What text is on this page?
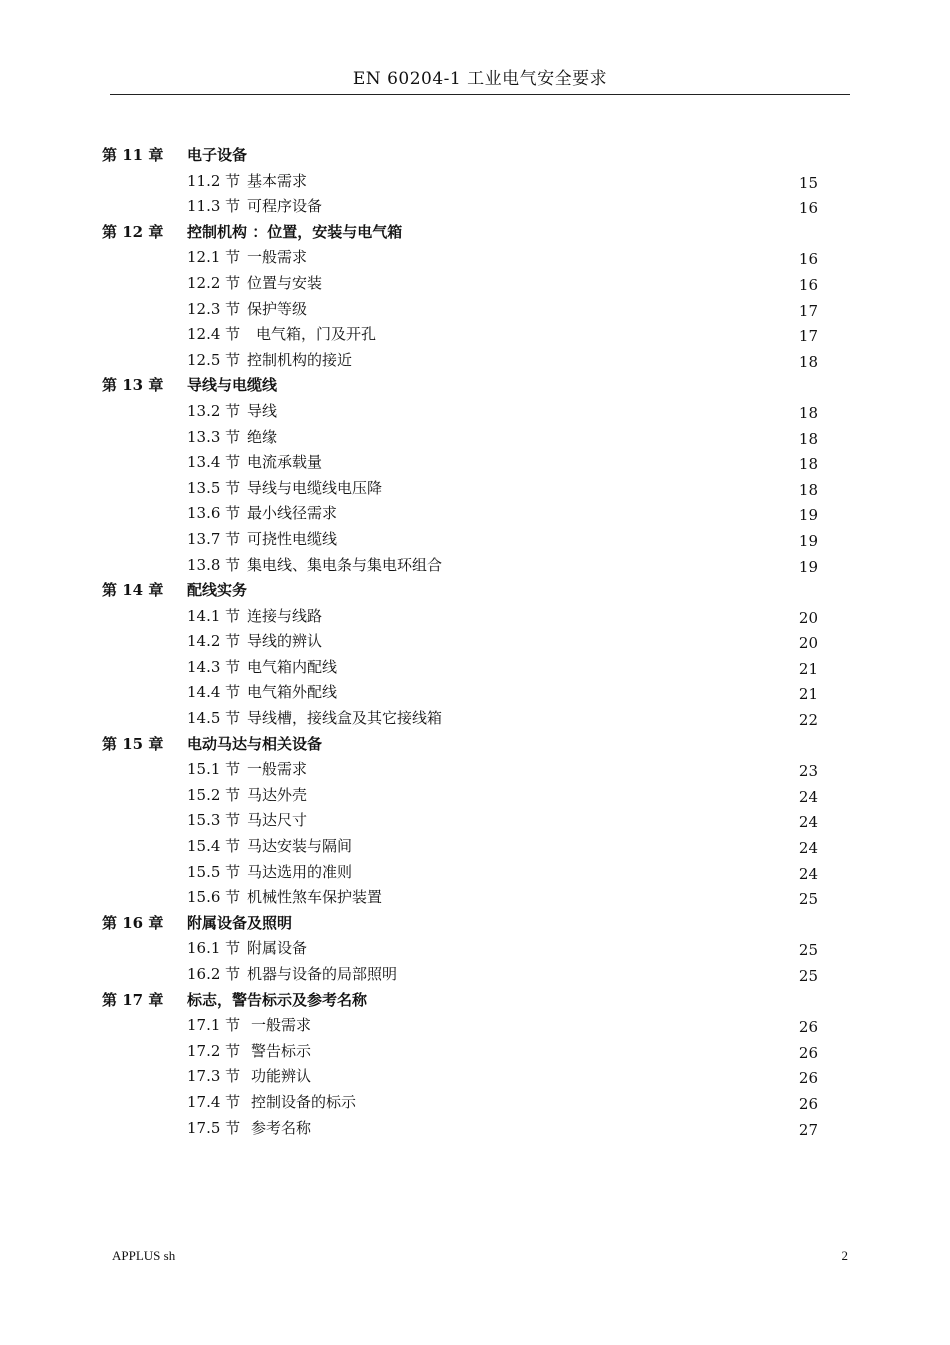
EN 60204-1 工业电气安全要求
第 11 章 电子设备
11.2 节 基本需求	15
11.3 节 可程序设备	16
第 12 章 控制机构 ：位置，安装与电气箱
12.1 节 一般需求	16
12.2 节 位置与安装	16
12.3 节 保护等级	17
12.4 节 电气箱，门及开孔	17
12.5 节 控制机构的接近	18
第 13 章 导线与电缆线
13.2 节 导线	18
13.3 节 绝缘	18
13.4 节 电流承载量	18
13.5 节 导线与电缆线电压降	18
13.6 节 最小线径需求	19
13.7 节 可挠性电缆线	19
13.8 节 集电线、集电条与集电环组合	19
第 14 章 配线实务
14.1 节 连接与线路	20
14.2 节 导线的辨认	20
14.3 节 电气箱内配线	21
14.4 节 电气箱外配线	21
14.5 节 导线槽，接线盒及其它接线箱	22
第 15 章 电动马达与相关设备
15.1 节 一般需求	23
15.2 节 马达外壳	24
15.3 节 马达尺寸	24
15.4 节 马达安装与隔间	24
15.5 节 马达选用的准则	24
15.6 节 机械性煞车保护装置	25
第 16 章 附属设备及照明
16.1 节 附属设备	25
16.2 节 机器与设备的局部照明	25
第 17 章 标志，警告标示及参考名称
17.1 节 一般需求	26
17.2 节 警告标示	26
17.3 节 功能辨认	26
17.4 节 控制设备的标示	26
17.5 节 参考名称	27
APPLUS sh	2
